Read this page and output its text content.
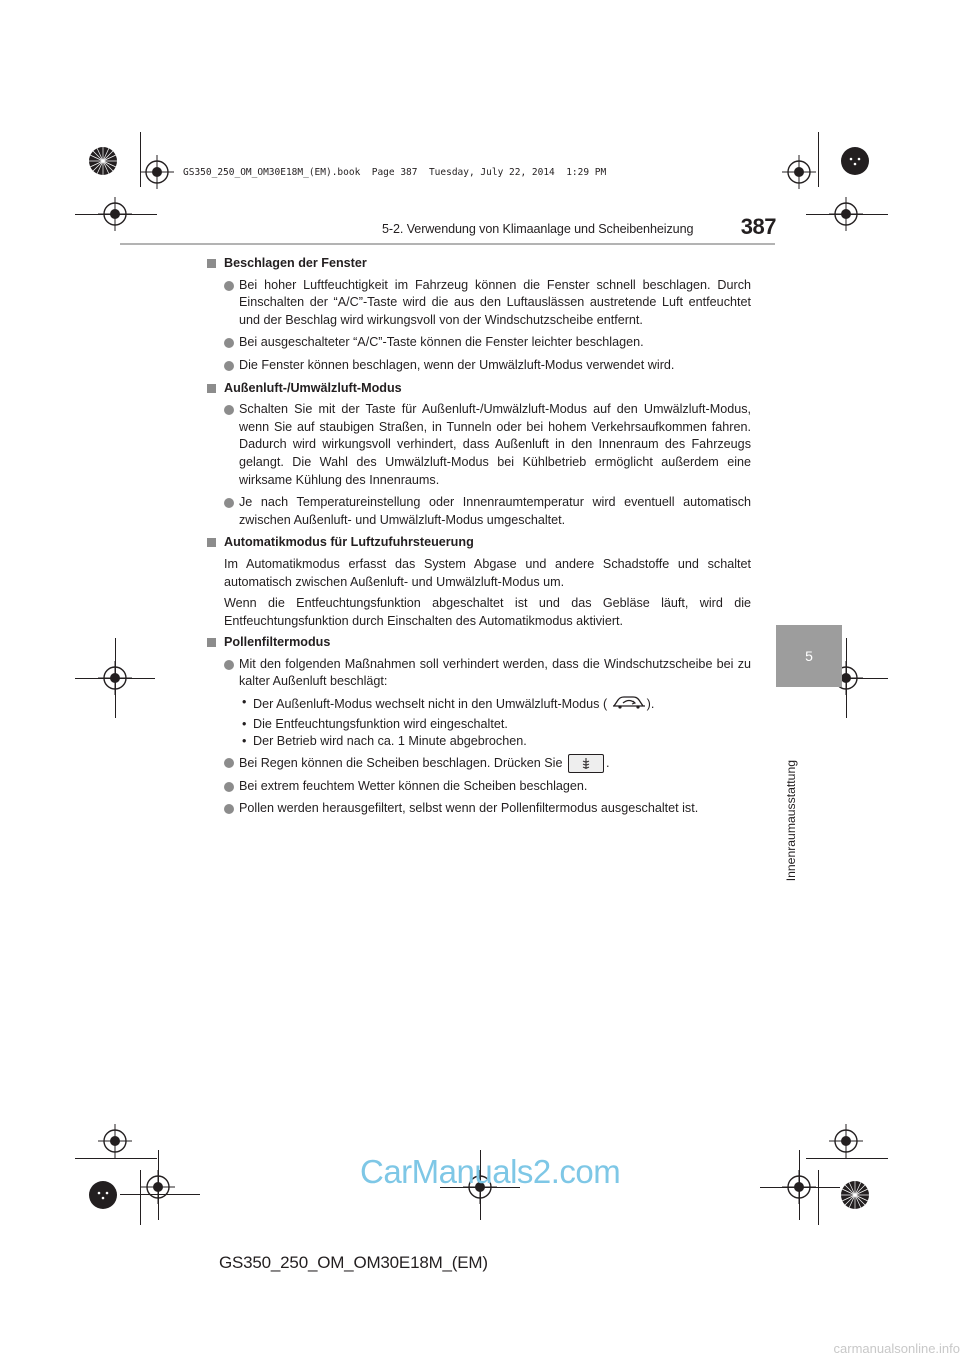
GS350_250_OM_OM30E18M_(EM).book  Page 387  Tuesday, July 22, 2014  1:29 PM
5-2. Verwendung von Klimaanlage und Scheibenheizung	387
5
Innenraumausstattung
Beschlagen der Fenster
Bei hoher Luftfeuchtigkeit im Fahrzeug können die Fenster schnell beschlagen. Durch Einschalten der “A/C”-Taste wird die aus den Luftauslässen austretende Luft entfeuchtet und der Beschlag wird wirkungsvoll von der Windschutzscheibe entfernt.
Bei ausgeschalteter “A/C”-Taste können die Fenster leichter beschlagen.
Die Fenster können beschlagen, wenn der Umwälzluft-Modus verwendet wird.
Außenluft-/Umwälzluft-Modus
Schalten Sie mit der Taste für Außenluft-/Umwälzluft-Modus auf den Umwälzluft-Modus, wenn Sie auf staubigen Straßen, in Tunneln oder bei hohem Verkehrsaufkommen fahren. Dadurch wird wirkungsvoll verhindert, dass Außenluft in den Innenraum des Fahrzeugs gelangt. Die Wahl des Umwälzluft-Modus bei Kühlbetrieb ermöglicht außerdem eine wirksame Kühlung des Innenraums.
Je nach Temperatureinstellung oder Innenraumtemperatur wird eventuell automatisch zwischen Außenluft- und Umwälzluft-Modus umgeschaltet.
Automatikmodus für Luftzufuhrsteuerung
Im Automatikmodus erfasst das System Abgase und andere Schadstoffe und schaltet automatisch zwischen Außenluft- und Umwälzluft-Modus um.
Wenn die Entfeuchtungsfunktion abgeschaltet ist und das Gebläse läuft, wird die Entfeuchtungsfunktion durch Einschalten des Automatikmodus aktiviert.
Pollenfiltermodus
Mit den folgenden Maßnahmen soll verhindert werden, dass die Windschutzscheibe bei zu kalter Außenluft beschlägt:
• Der Außenluft-Modus wechselt nicht in den Umwälzluft-Modus (	).
• Die Entfeuchtungsfunktion wird eingeschaltet.
• Der Betrieb wird nach ca. 1 Minute abgebrochen.
Bei Regen können die Scheiben beschlagen. Drücken Sie	.
Bei extrem feuchtem Wetter können die Scheiben beschlagen.
Pollen werden herausgefiltert, selbst wenn der Pollenfiltermodus ausgeschaltet ist.
CarManuals2.com
GS350_250_OM_OM30E18M_(EM)
carmanualsonline.info
